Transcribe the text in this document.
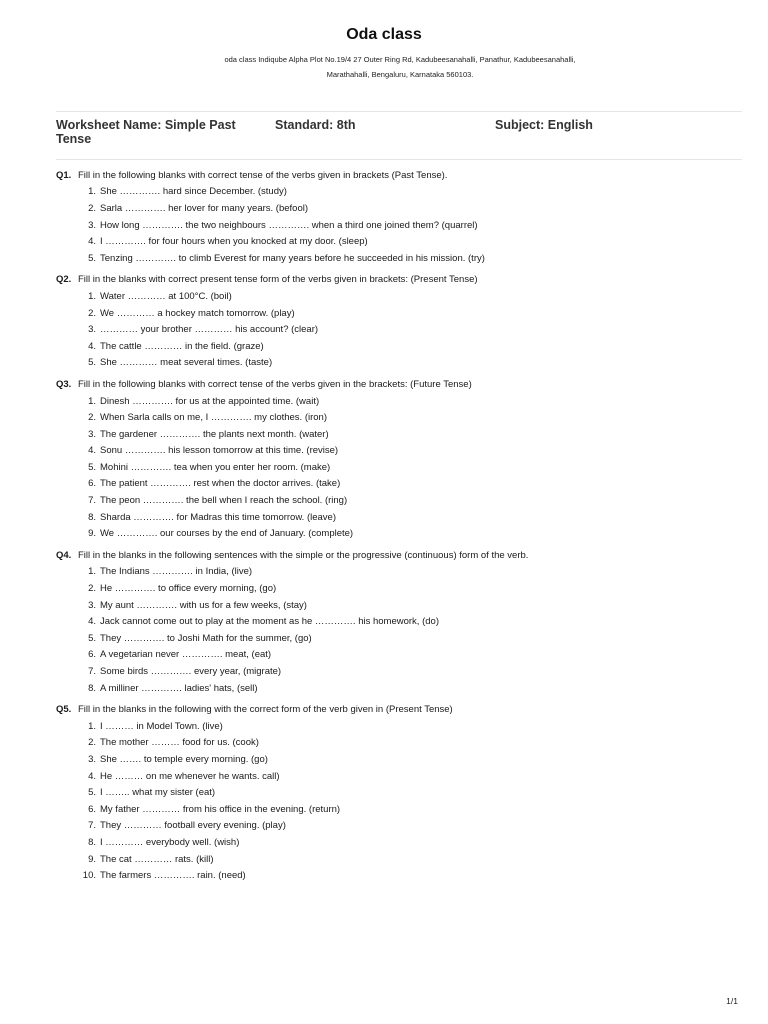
Oda class
oda class Indiqube Alpha Plot No.19/4 27 Outer Ring Rd, Kadubeesanahalli, Panathur, Kadubeesanahalli,
Marathahalli, Bengaluru, Karnataka 560103.
Worksheet Name: Simple Past Tense
Standard: 8th	Subject: English
Q1. Fill in the following blanks with correct tense of the verbs given in brackets (Past Tense).
1. She …………. hard since December. (study)
2. Sarla …………. her lover for many years. (befool)
3. How long …………. the two neighbours …………. when a third one joined them? (quarrel)
4. I …………. for four hours when you knocked at my door. (sleep)
5. Tenzing …………. to climb Everest for many years before he succeeded in his mission. (try)
Q2. Fill in the blanks with correct present tense form of the verbs given in brackets: (Present Tense)
1. Water ………… at 100°C. (boil)
2. We ………… a hockey match tomorrow. (play)
3. ………… your brother ………… his account? (clear)
4. The cattle ………… in the field. (graze)
5. She ………… meat several times. (taste)
Q3. Fill in the following blanks with correct tense of the verbs given in the brackets: (Future Tense)
1. Dinesh …………. for us at the appointed time. (wait)
2. When Sarla calls on me, I …………. my clothes. (iron)
3. The gardener …………. the plants next month. (water)
4. Sonu …………. his lesson tomorrow at this time. (revise)
5. Mohini …………. tea when you enter her room. (make)
6. The patient …………. rest when the doctor arrives. (take)
7. The peon …………. the bell when I reach the school. (ring)
8. Sharda …………. for Madras this time tomorrow. (leave)
9. We …………. our courses by the end of January. (complete)
Q4. Fill in the blanks in the following sentences with the simple or the progressive (continuous) form of the verb.
1. The Indians …………. in India, (live)
2. He …………. to office every morning, (go)
3. My aunt …………. with us for a few weeks, (stay)
4. Jack cannot come out to play at the moment as he …………. his homework, (do)
5. They …………. to Joshi Math for the summer, (go)
6. A vegetarian never …………. meat, (eat)
7. Some birds …………. every year, (migrate)
8. A milliner …………. ladies' hats, (sell)
Q5. Fill in the blanks in the following with the correct form of the verb given in (Present Tense)
1. I ……… in Model Town. (live)
2. The mother ……… food for us. (cook)
3. She ……. to temple every morning. (go)
4. He ……… on me whenever he wants. call)
5. I …….. what my sister (eat)
6. My father ………… from his office in the evening. (return)
7. They ………… football every evening. (play)
8. I ………… everybody well. (wish)
9. The cat ………… rats. (kill)
10. The farmers …………. rain. (need)
1/1
